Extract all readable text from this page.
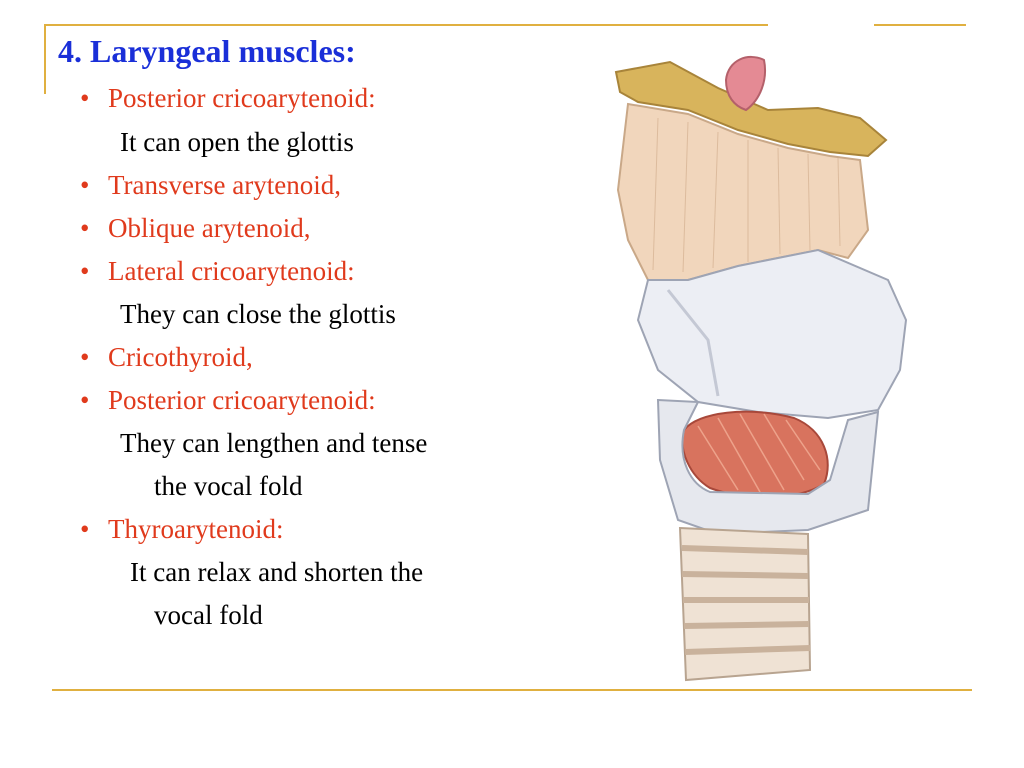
4. Laryngeal muscles:
• Posterior cricoarytenoid:
It can open the glottis
• Transverse arytenoid,
• Oblique arytenoid,
• Lateral cricoarytenoid:
They can close the glottis
• Cricothyroid,
• Posterior cricoarytenoid:
They can lengthen and tense
the vocal fold
• Thyroarytenoid:
It can relax and shorten the
vocal fold
